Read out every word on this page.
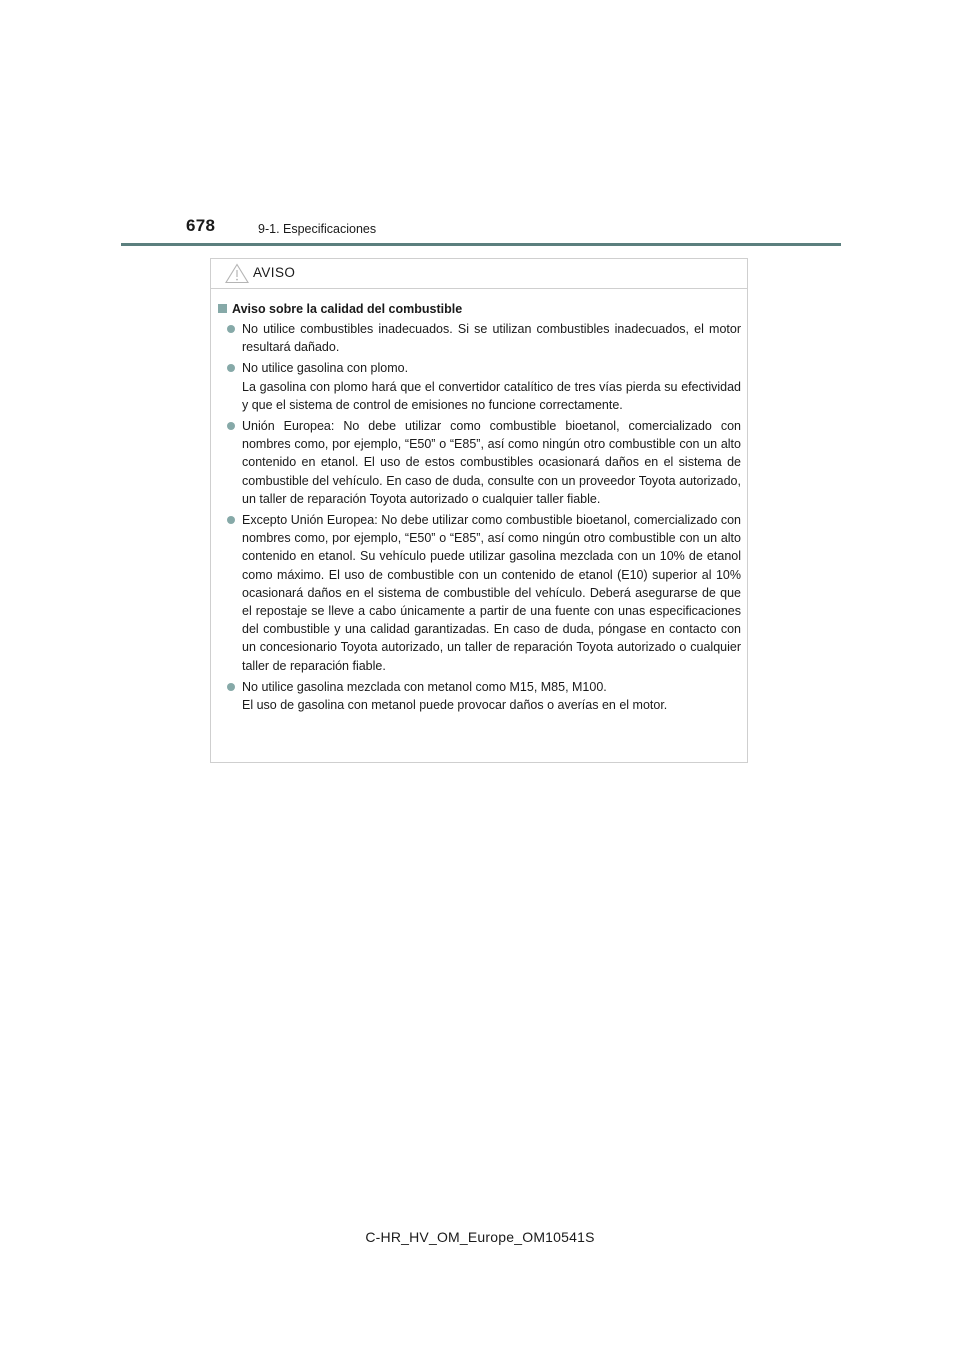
678	9-1. Especificaciones
AVISO
Aviso sobre la calidad del combustible
No utilice combustibles inadecuados. Si se utilizan combustibles inadecuados, el motor resultará dañado.
No utilice gasolina con plomo.
La gasolina con plomo hará que el convertidor catalítico de tres vías pierda su efectividad y que el sistema de control de emisiones no funcione correctamente.
Unión Europea: No debe utilizar como combustible bioetanol, comercializado con nombres como, por ejemplo, “E50” o “E85”, así como ningún otro combustible con un alto contenido en etanol. El uso de estos combustibles ocasionará daños en el sistema de combustible del vehículo. En caso de duda, consulte con un proveedor Toyota autorizado, un taller de reparación Toyota autorizado o cualquier taller fiable.
Excepto Unión Europea: No debe utilizar como combustible bioetanol, comercializado con nombres como, por ejemplo, “E50” o “E85”, así como ningún otro combustible con un alto contenido en etanol. Su vehículo puede utilizar gasolina mezclada con un 10% de etanol como máximo. El uso de combustible con un contenido de etanol (E10) superior al 10% ocasionará daños en el sistema de combustible del vehículo. Deberá asegurarse de que el repostaje se lleve a cabo únicamente a partir de una fuente con unas especificaciones del combustible y una calidad garantizadas. En caso de duda, póngase en contacto con un concesionario Toyota autorizado, un taller de reparación Toyota autorizado o cualquier taller de reparación fiable.
No utilice gasolina mezclada con metanol como M15, M85, M100.
El uso de gasolina con metanol puede provocar daños o averías en el motor.
C-HR_HV_OM_Europe_OM10541S
